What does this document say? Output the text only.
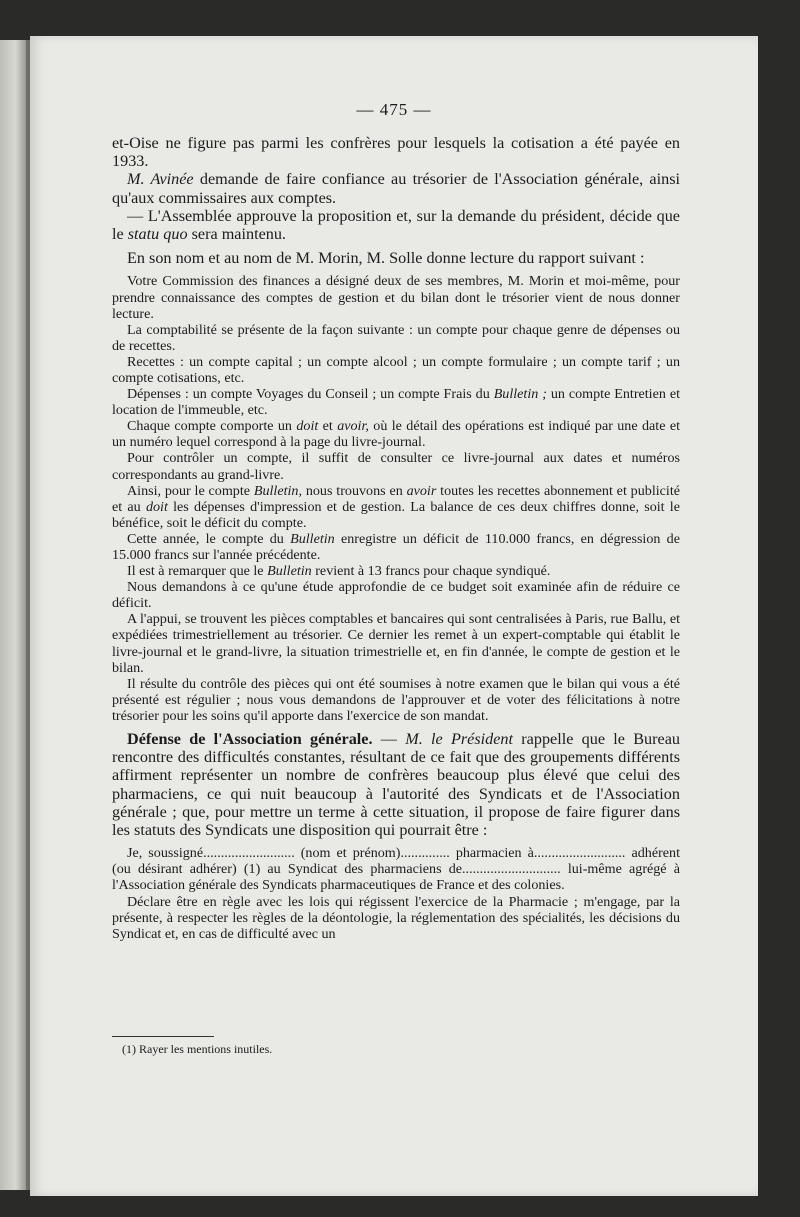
— 475 —

et-Oise ne figure pas parmi les confrères pour lesquels la cotisation a été payée en 1933.

M. Avinée demande de faire confiance au trésorier de l'Association générale, ainsi qu'aux commissaires aux comptes.

— L'Assemblée approuve la proposition et, sur la demande du président, décide que le statu quo sera maintenu.

En son nom et au nom de M. Morin, M. Solle donne lecture du rapport suivant :

Votre Commission des finances a désigné deux de ses membres, M. Morin et moi-même, pour prendre connaissance des comptes de gestion et du bilan dont le trésorier vient de nous donner lecture.

La comptabilité se présente de la façon suivante : un compte pour chaque genre de dépenses ou de recettes.

Recettes : un compte capital ; un compte alcool ; un compte formulaire ; un compte tarif ; un compte cotisations, etc.

Dépenses : un compte Voyages du Conseil ; un compte Frais du Bulletin ; un compte Entretien et location de l'immeuble, etc.

Chaque compte comporte un doit et avoir, où le détail des opérations est indiqué par une date et un numéro lequel correspond à la page du livre-journal.

Pour contrôler un compte, il suffit de consulter ce livre-journal aux dates et numéros correspondants au grand-livre.

Ainsi, pour le compte Bulletin, nous trouvons en avoir toutes les recettes abonnement et publicité et au doit les dépenses d'impression et de gestion. La balance de ces deux chiffres donne, soit le bénéfice, soit le déficit du compte.

Cette année, le compte du Bulletin enregistre un déficit de 110.000 francs, en dégression de 15.000 francs sur l'année précédente.

Il est à remarquer que le Bulletin revient à 13 francs pour chaque syndiqué.

Nous demandons à ce qu'une étude approfondie de ce budget soit examinée afin de réduire ce déficit.

A l'appui, se trouvent les pièces comptables et bancaires qui sont centralisées à Paris, rue Ballu, et expédiées trimestriellement au trésorier. Ce dernier les remet à un expert-comptable qui établit le livre-journal et le grand-livre, la situation trimestrielle et, en fin d'année, le compte de gestion et le bilan.

Il résulte du contrôle des pièces qui ont été soumises à notre examen que le bilan qui vous a été présenté est régulier ; nous vous demandons de l'approuver et de voter des félicitations à notre trésorier pour les soins qu'il apporte dans l'exercice de son mandat.

Défense de l'Association générale. — M. le Président rappelle que le Bureau rencontre des difficultés constantes, résultant de ce fait que des groupements différents affirment représenter un nombre de confrères beaucoup plus élevé que celui des pharmaciens, ce qui nuit beaucoup à l'autorité des Syndicats et de l'Association générale ; que, pour mettre un terme à cette situation, il propose de faire figurer dans les statuts des Syndicats une disposition qui pourrait être :

Je, soussigné.......................... (nom et prénom).............. pharmacien à.......................... adhérent (ou désirant adhérer) (1) au Syndicat des pharmaciens de............................ lui-même agrégé à l'Association générale des Syndicats pharmaceutiques de France et des colonies.

Déclare être en règle avec les lois qui régissent l'exercice de la Pharmacie ; m'engage, par la présente, à respecter les règles de la déontologie, la réglementation des spécialités, les décisions du Syndicat et, en cas de difficulté avec un

(1) Rayer les mentions inutiles.
